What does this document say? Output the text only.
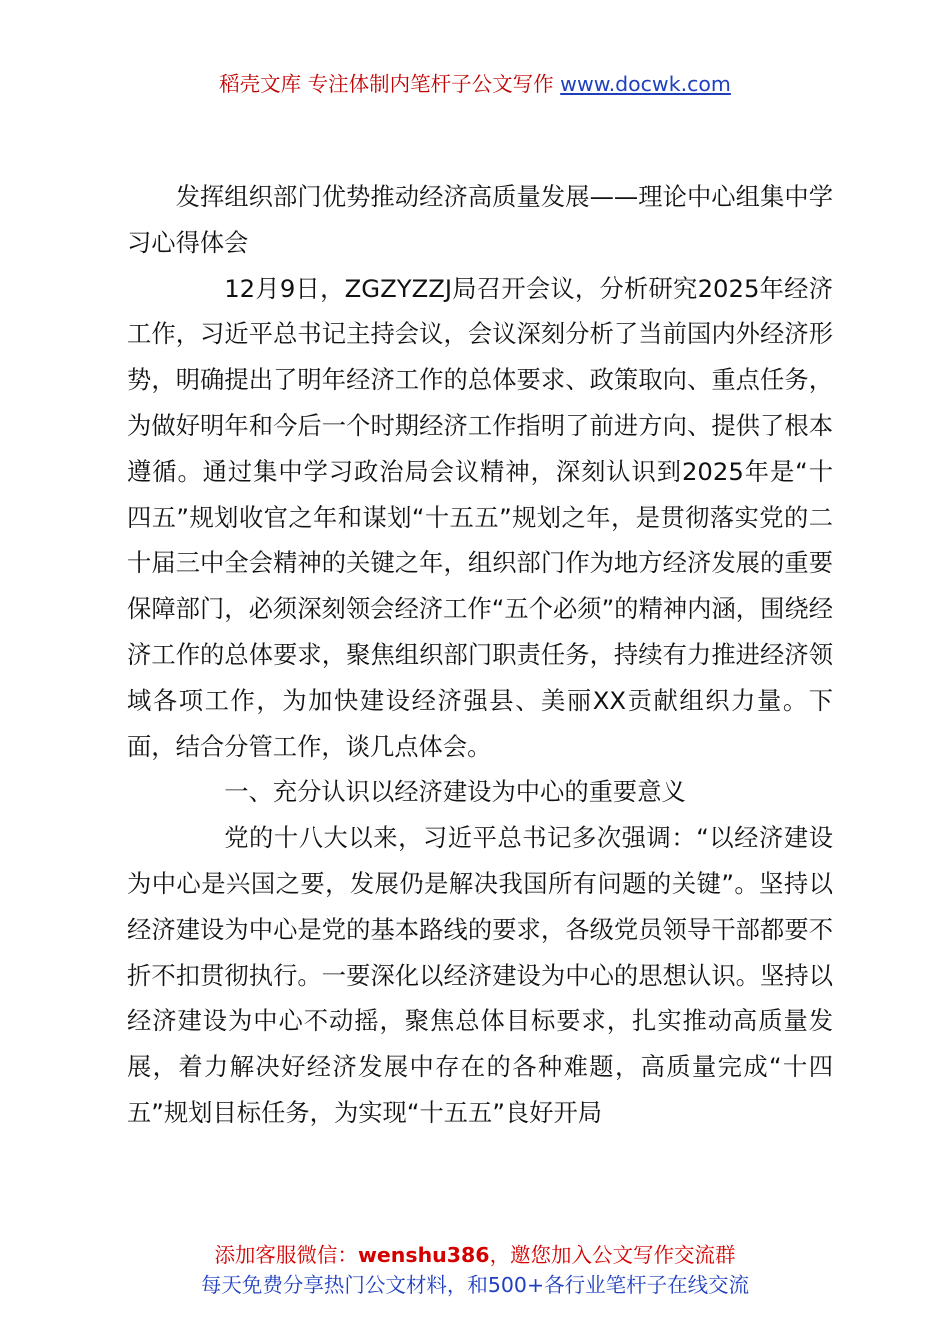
稻壳文库 专注体制内笔杆子公文写作 www.docwk.com

发挥组织部门优势推动经济高质量发展——理论中心组集中学习心得体会

12月9日，ZGZYZZJ局召开会议，分析研究2025年经济工作，习近平总书记主持会议，会议深刻分析了当前国内外经济形势，明确提出了明年经济工作的总体要求、政策取向、重点任务，为做好明年和今后一个时期经济工作指明了前进方向、提供了根本遵循。通过集中学习政治局会议精神，深刻认识到2025年是“十四五”规划收官之年和谋划“十五五”规划之年，是贯彻落实党的二十届三中全会精神的关键之年，组织部门作为地方经济发展的重要保障部门，必须深刻领会经济工作“五个必须”的精神内涵，围绕经济工作的总体要求，聚焦组织部门职责任务，持续有力推进经济领域各项工作，为加快建设经济强县、美丽XX贡献组织力量。下面，结合分管工作，谈几点体会。

一、充分认识以经济建设为中心的重要意义

党的十八大以来，习近平总书记多次强调：“以经济建设为中心是兴国之要，发展仍是解决我国所有问题的关键”。坚持以经济建设为中心是党的基本路线的要求，各级党员领导干部都要不折不扣贯彻执行。一要深化以经济建设为中心的思想认识。坚持以经济建设为中心不动摇，聚焦总体目标要求，扎实推动高质量发展，着力解决好经济发展中存在的各种难题，高质量完成“十四五”规划目标任务，为实现“十五五”良好开局

添加客服微信：wenshu386，邀您加入公文写作交流群
每天免费分享热门公文材料，和500+各行业笔杆子在线交流
